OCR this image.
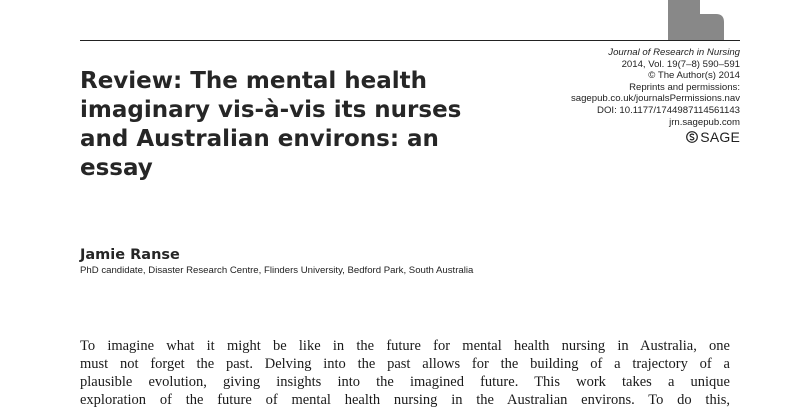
Journal of Research in Nursing
2014, Vol. 19(7–8) 590–591
© The Author(s) 2014
Reprints and permissions:
sagepub.co.uk/journalsPermissions.nav
DOI: 10.1177/1744987114561143
jrn.sagepub.com
SAGE
Review: The mental health imaginary vis-à-vis its nurses and Australian environs: an essay
Jamie Ranse
PhD candidate, Disaster Research Centre, Flinders University, Bedford Park, South Australia

To imagine what it might be like in the future for mental health nursing in Australia, one
must not forget the past. Delving into the past allows for the building of a trajectory of a
plausible evolution, giving insights into the imagined future. This work takes a unique
exploration of the future of mental health nursing in the Australian environs. To do this,
